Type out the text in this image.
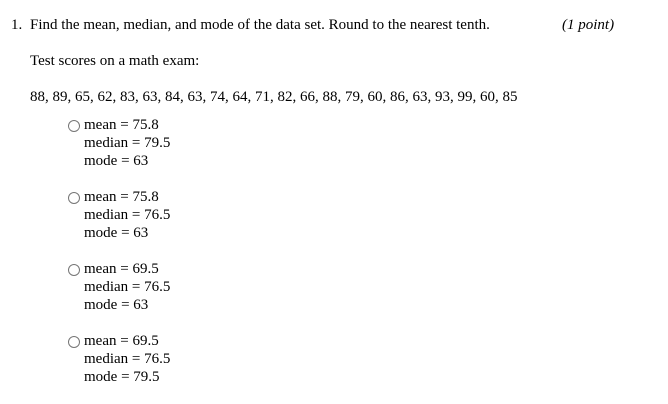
1. Find the mean, median, and mode of the data set. Round to the nearest tenth.	(1 point)
Test scores on a math exam:
88, 89, 65, 62, 83, 63, 84, 63, 74, 64, 71, 82, 66, 88, 79, 60, 86, 63, 93, 99, 60, 85
mean = 75.8
median = 79.5
mode = 63
mean = 75.8
median = 76.5
mode = 63
mean = 69.5
median = 76.5
mode = 63
mean = 69.5
median = 76.5
mode = 79.5
